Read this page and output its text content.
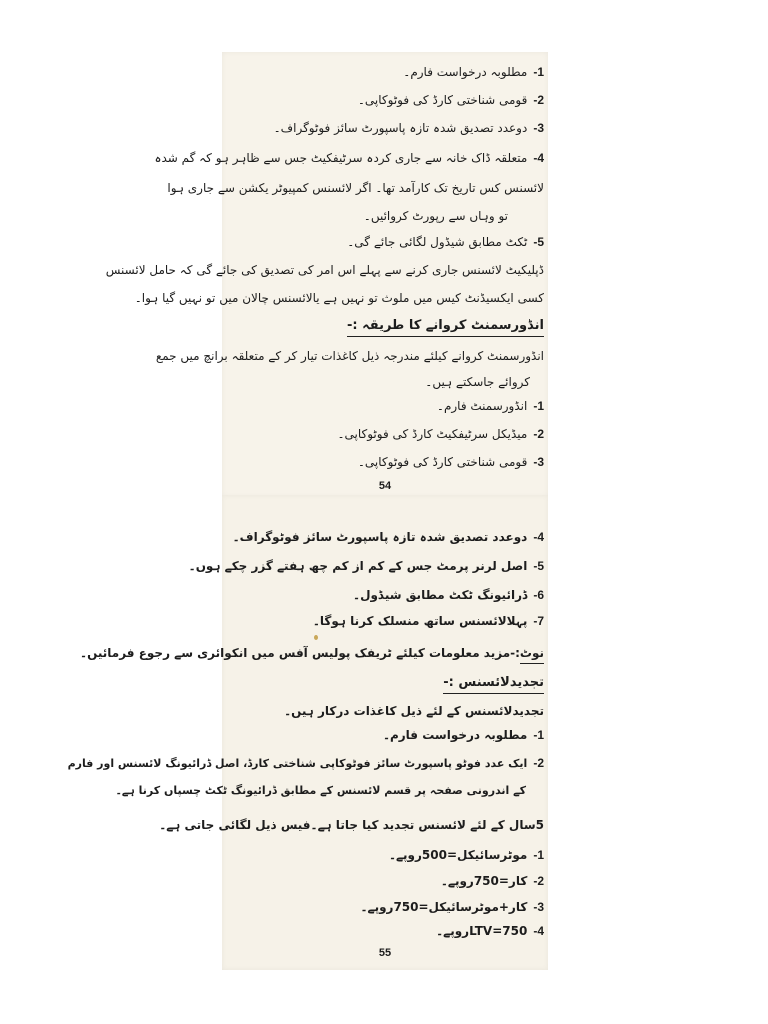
-1مطلوبہ درخواست فارم۔
-2قومی شناختی کارڈ کی فوٹوکاپی۔
-3دوعدد تصدیق شدہ تازہ پاسپورٹ سائز فوٹوگراف۔
-4متعلقہ ڈاک خانہ سے جاری کردہ سرٹیفکیٹ جس سے ظاہر ہو کہ گم شدہ
لائسنس کس تاریخ تک کارآمد تھا۔ اگر لائسنس کمپیوٹر یکشن سے جاری ہوا
تو وہاں سے رپورٹ کروائیں۔
-5ٹکٹ مطابق شیڈول لگائی جائے گی۔
ڈپلیکیٹ لائسنس جاری کرنے سے پہلے اس امر کی تصدیق کی جائے گی کہ حامل لائسنس
کسی ایکسیڈنٹ کیس میں ملوث تو نہیں ہے یالائسنس چالان میں تو نہیں گیا ہوا۔
انڈورسمنٹ کروانے کا طریقہ :-
انڈورسمنٹ کروانے کیلئے مندرجہ ذیل کاغذات تیار کر کے متعلقہ برانچ میں جمع
کروائے جاسکتے ہیں۔
-1انڈورسمنٹ فارم۔
-2میڈیکل سرٹیفکیٹ کارڈ کی فوٹوکاپی۔
-3قومی شناختی کارڈ کی فوٹوکاپی۔
54
-4دوعدد تصدیق شدہ تازہ پاسپورٹ سائز فوٹوگراف۔
-5اصل لرنر پرمٹ جس کے کم از کم چھ ہفتے گزر چکے ہوں۔
-6ڈرائیونگ ٹکٹ مطابق شیڈول۔
-7پہلالائسنس ساتھ منسلک کرنا ہوگا۔
نوٹ:-مزید معلومات کیلئے ٹریفک پولیس آفس میں انکوائری سے رجوع فرمائیں۔
تجدیدلائسنس :-
تجدیدلائسنس کے لئے ذیل کاغذات درکار ہیں۔
-1مطلوبہ درخواست فارم۔
-2ایک عدد فوٹو پاسپورٹ سائز فوٹوکاپی شناختی کارڈ، اصل ڈرائیونگ لائسنس اور فارم
کے اندرونی صفحہ پر قسم لائسنس کے مطابق ڈرائیونگ ٹکٹ چسپاں کرنا ہے۔
5سال کے لئے لائسنس تجدید کیا جاتا ہے۔فیس ذیل لگائی جاتی ہے۔
-1موٹرسائیکل=500روپے۔
-2کار=750روپے۔
-3کار+موٹرسائیکل=750روپے۔
-4750=LTVروپے۔
55
